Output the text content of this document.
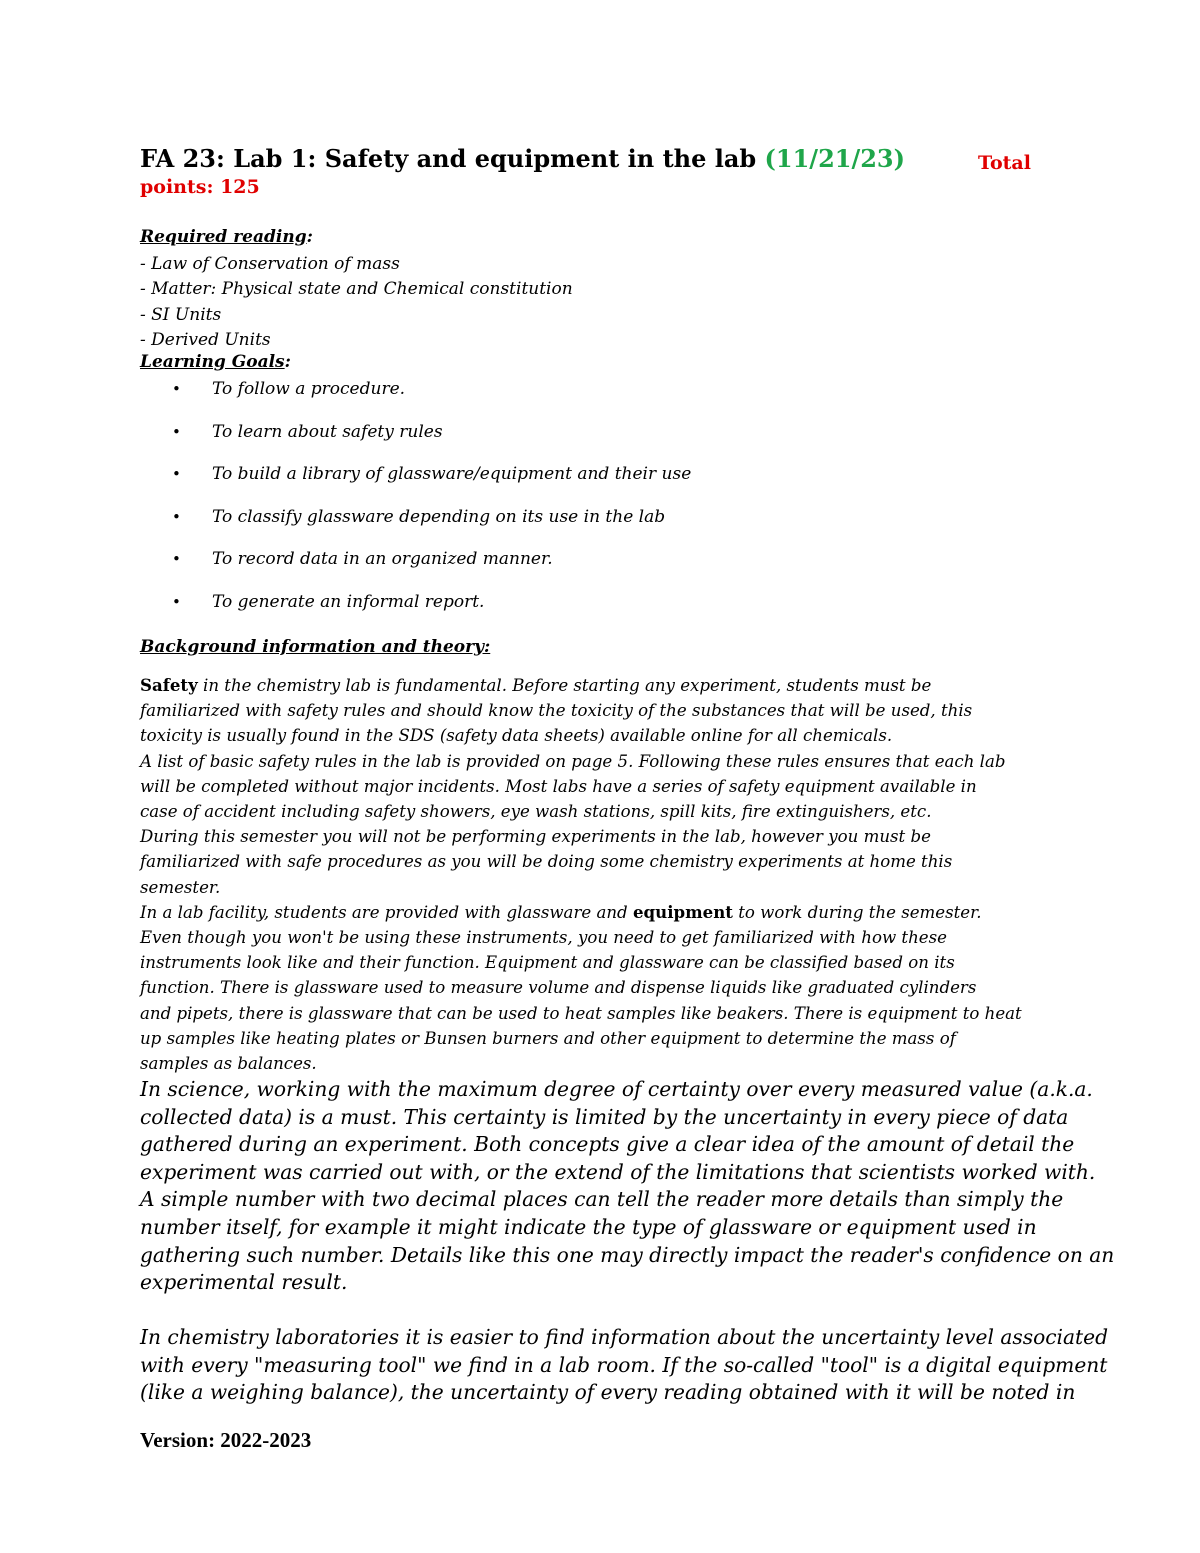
FA 23: Lab 1: Safety and equipment in the lab (11/21/23)	Total
points: 125
Required reading:
- Law of Conservation of mass
- Matter: Physical state and Chemical constitution
- SI Units
- Derived Units
Learning Goals:
• To follow a procedure.
• To learn about safety rules
• To build a library of glassware/equipment and their use
• To classify glassware depending on its use in the lab
• To record data in an organized manner.
• To generate an informal report.
Background information and theory:
Safety in the chemistry lab is fundamental. Before starting any experiment, students must be
familiarized with safety rules and should know the toxicity of the substances that will be used, this
toxicity is usually found in the SDS (safety data sheets) available online for all chemicals.
A list of basic safety rules in the lab is provided on page 5. Following these rules ensures that each lab
will be completed without major incidents. Most labs have a series of safety equipment available in
case of accident including safety showers, eye wash stations, spill kits, fire extinguishers, etc.
During this semester you will not be performing experiments in the lab, however you must be
familiarized with safe procedures as you will be doing some chemistry experiments at home this
semester.
In a lab facility, students are provided with glassware and equipment to work during the semester.
Even though you won't be using these instruments, you need to get familiarized with how these
instruments look like and their function. Equipment and glassware can be classified based on its
function. There is glassware used to measure volume and dispense liquids like graduated cylinders
and pipets, there is glassware that can be used to heat samples like beakers. There is equipment to heat
up samples like heating plates or Bunsen burners and other equipment to determine the mass of
samples as balances.
In science, working with the maximum degree of certainty over every measured value (a.k.a.
collected data) is a must. This certainty is limited by the uncertainty in every piece of data
gathered during an experiment. Both concepts give a clear idea of the amount of detail the
experiment was carried out with, or the extend of the limitations that scientists worked with.
A simple number with two decimal places can tell the reader more details than simply the
number itself, for example it might indicate the type of glassware or equipment used in
gathering such number. Details like this one may directly impact the reader's confidence on an
experimental result.
In chemistry laboratories it is easier to find information about the uncertainty level associated
with every "measuring tool" we find in a lab room. If the so-called "tool" is a digital equipment
(like a weighing balance), the uncertainty of every reading obtained with it will be noted in
Version: 2022-2023
